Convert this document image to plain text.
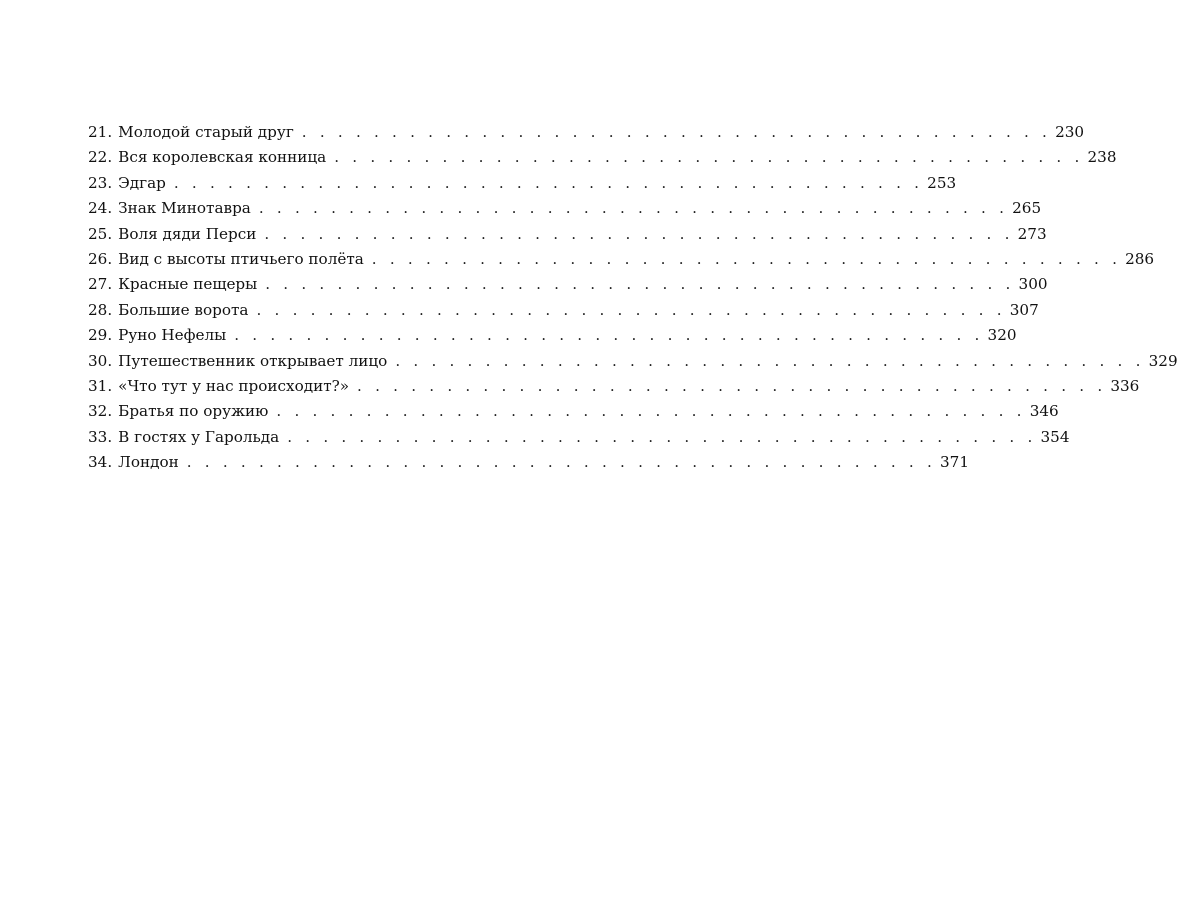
21. Молодой старый друг . . . . . . . . . . . . . . . . . . . . . . . . . . . . . . . . . . . . . . . . . . 230
22. Вся королевская конница . . . . . . . . . . . . . . . . . . . . . . . . . . . . . . . . . . . . . . . . . . 238
23. Эдгар . . . . . . . . . . . . . . . . . . . . . . . . . . . . . . . . . . . . . . . . . . 253
24. Знак Минотавра . . . . . . . . . . . . . . . . . . . . . . . . . . . . . . . . . . . . . . . . . . 265
25. Воля дяди Перси . . . . . . . . . . . . . . . . . . . . . . . . . . . . . . . . . . . . . . . . . . 273
26. Вид с высоты птичьего полёта . . . . . . . . . . . . . . . . . . . . . . . . . . . . . . . . . . . . . . . . . . 286
27. Красные пещеры . . . . . . . . . . . . . . . . . . . . . . . . . . . . . . . . . . . . . . . . . . 300
28. Большие ворота . . . . . . . . . . . . . . . . . . . . . . . . . . . . . . . . . . . . . . . . . . 307
29. Руно Нефелы . . . . . . . . . . . . . . . . . . . . . . . . . . . . . . . . . . . . . . . . . . 320
30. Путешественник открывает лицо . . . . . . . . . . . . . . . . . . . . . . . . . . . . . . . . . . . . . . . . . . 329
31. «Что тут у нас происходит?» . . . . . . . . . . . . . . . . . . . . . . . . . . . . . . . . . . . . . . . . . . 336
32. Братья по оружию . . . . . . . . . . . . . . . . . . . . . . . . . . . . . . . . . . . . . . . . . . 346
33. В гостях у Гарольда . . . . . . . . . . . . . . . . . . . . . . . . . . . . . . . . . . . . . . . . . . 354
34. Лондон . . . . . . . . . . . . . . . . . . . . . . . . . . . . . . . . . . . . . . . . . . 371
